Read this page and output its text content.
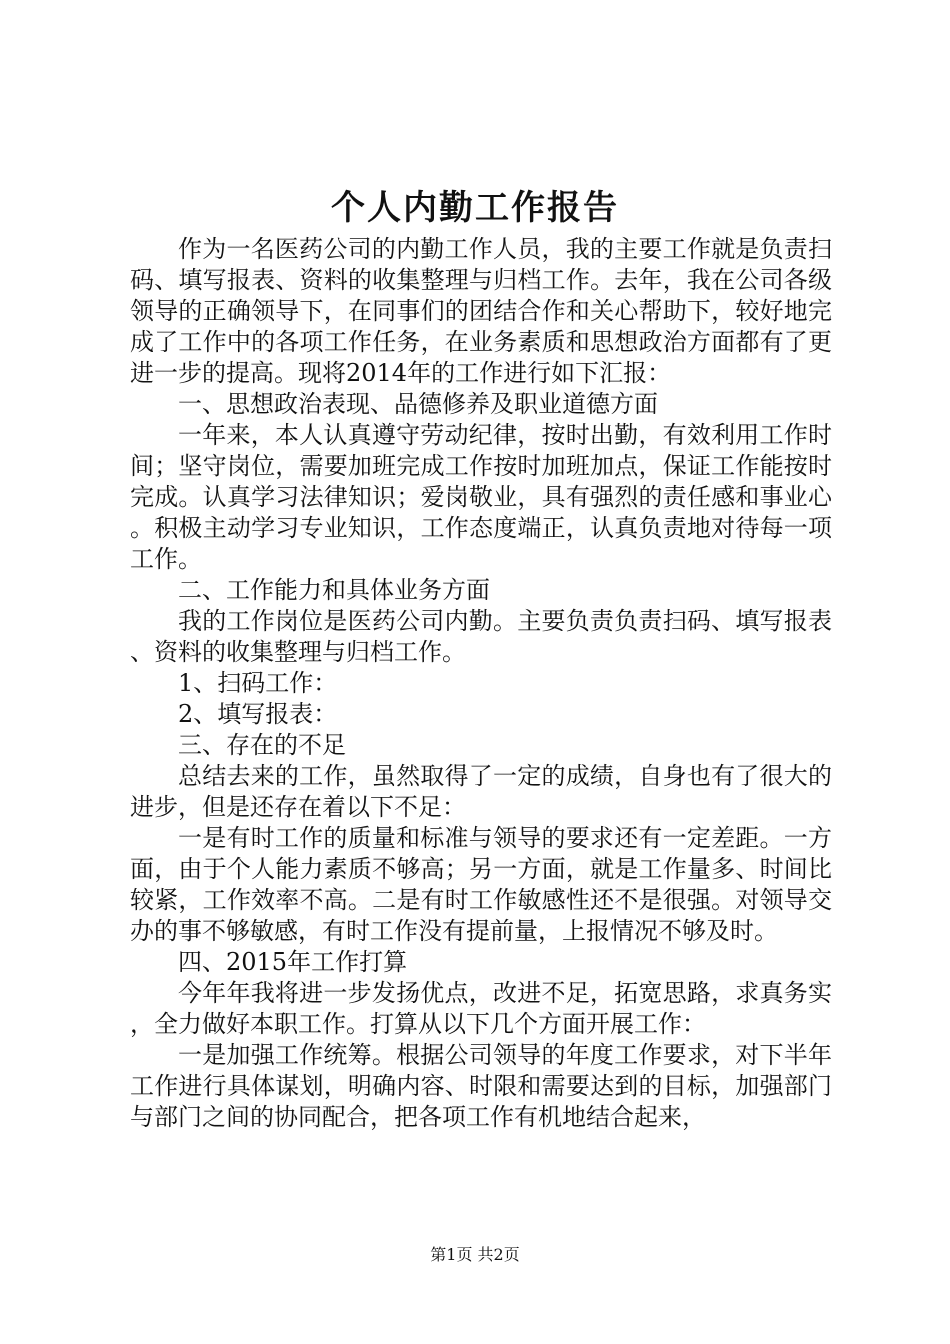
个人内勤工作报告

作为一名医药公司的内勤工作人员，我的主要工作就是负责扫码、填写报表、资料的收集整理与归档工作。去年，我在公司各级领导的正确领导下，在同事们的团结合作和关心帮助下，较好地完成了工作中的各项工作任务，在业务素质和思想政治方面都有了更进一步的提高。现将2014年的工作进行如下汇报：

一、思想政治表现、品德修养及职业道德方面

一年来，本人认真遵守劳动纪律，按时出勤，有效利用工作时间；坚守岗位，需要加班完成工作按时加班加点，保证工作能按时完成。认真学习法律知识；爱岗敬业，具有强烈的责任感和事业心。积极主动学习专业知识，工作态度端正，认真负责地对待每一项工作。

二、工作能力和具体业务方面

我的工作岗位是医药公司内勤。主要负责负责扫码、填写报表、资料的收集整理与归档工作。

1、扫码工作：

2、填写报表：

三、存在的不足

总结去来的工作，虽然取得了一定的成绩，自身也有了很大的进步，但是还存在着以下不足：

一是有时工作的质量和标准与领导的要求还有一定差距。一方面，由于个人能力素质不够高；另一方面，就是工作量多、时间比较紧，工作效率不高。二是有时工作敏感性还不是很强。对领导交办的事不够敏感，有时工作没有提前量，上报情况不够及时。

四、2015年工作打算

今年年我将进一步发扬优点，改进不足，拓宽思路，求真务实，全力做好本职工作。打算从以下几个方面开展工作：

一是加强工作统筹。根据公司领导的年度工作要求，对下半年工作进行具体谋划，明确内容、时限和需要达到的目标，加强部门与部门之间的协同配合，把各项工作有机地结合起来，

第1页 共2页
